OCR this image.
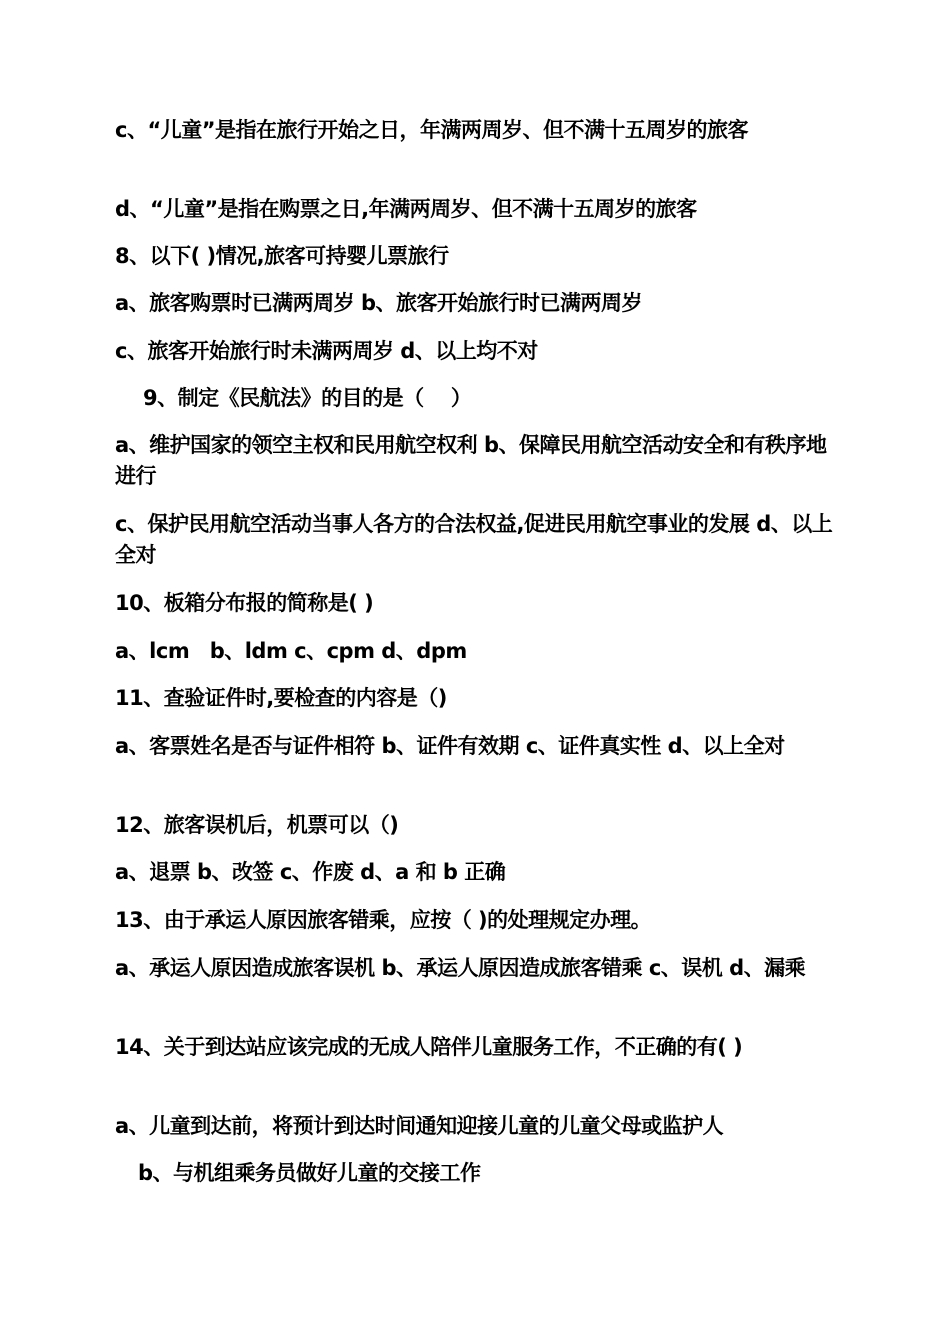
c、“儿童”是指在旅行开始之日，年满两周岁、但不满十五周岁的旅客
d、“儿童”是指在购票之日,年满两周岁、但不满十五周岁的旅客
8、以下( )情况,旅客可持婴儿票旅行
a、旅客购票时已满两周岁 b、旅客开始旅行时已满两周岁
c、旅客开始旅行时未满两周岁 d、以上均不对
9、制定《民航法》的目的是（　 ）
a、维护国家的领空主权和民用航空权利 b、保障民用航空活动安全和有秩序地进行
c、保护民用航空活动当事人各方的合法权益,促进民用航空事业的发展 d、以上全对
10、板箱分布报的简称是( )
a、lcm　b、ldm c、cpm d、dpm
11、查验证件时,要检查的内容是（)
a、客票姓名是否与证件相符 b、证件有效期 c、证件真实性 d、以上全对
12、旅客误机后，机票可以（)
a、退票 b、改签 c、作废 d、a 和 b 正确
13、由于承运人原因旅客错乘，应按（ )的处理规定办理。
a、承运人原因造成旅客误机 b、承运人原因造成旅客错乘 c、误机 d、漏乘
14、关于到达站应该完成的无成人陪伴儿童服务工作，不正确的有( )
a、儿童到达前，将预计到达时间通知迎接儿童的儿童父母或监护人
b、与机组乘务员做好儿童的交接工作
